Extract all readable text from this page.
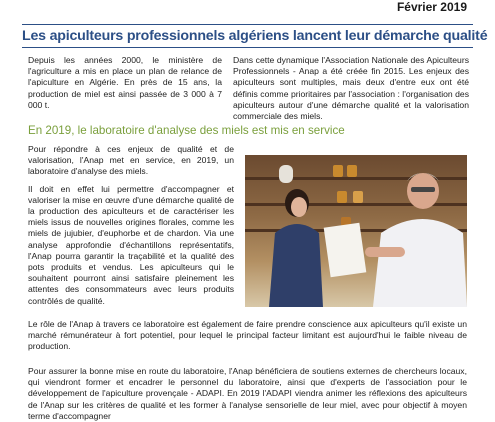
Février 2019
Les apiculteurs professionnels algériens lancent leur démarche qualité

Depuis les années 2000, le ministère de l'agriculture a mis en place un plan de relance de l'apiculture en Algérie. En près de 15 ans, la production de miel est ainsi passée de 3 000 à 7 000 t.

Dans cette dynamique l'Association Nationale des Apiculteurs Professionnels - Anap a été créée fin 2015. Les enjeux des apiculteurs sont multiples, mais deux d'entre eux ont été définis comme prioritaires par l'association : l'organisation des apiculteurs autour d'une démarche qualité et la valorisation commerciale des miels.

En 2019, le laboratoire d'analyse des miels est mis en service

Pour répondre à ces enjeux de qualité et de valorisation, l'Anap met en service, en 2019, un laboratoire d'analyse des miels.

Il doit en effet lui permettre d'accompagner et valoriser la mise en œuvre d'une démarche qualité de la production des apiculteurs et de caractériser les miels issus de nouvelles origines florales, comme les miels de jujubier, d'euphorbe et de chardon. Via une analyse approfondie d'échantillons représentatifs, l'Anap pourra garantir la traçabilité et la qualité des pots produits et vendus. Les apiculteurs qui le souhaitent pourront ainsi satisfaire pleinement les attentes des consommateurs avec leurs produits contrôlés de qualité.

Le rôle de l'Anap à travers ce laboratoire est également de faire prendre conscience aux apiculteurs qu'il existe un marché rémunérateur à fort potentiel, pour lequel le principal facteur limitant est aujourd'hui le faible niveau de production.

Pour assurer la bonne mise en route du laboratoire, l'Anap bénéficiera de soutiens externes de chercheurs locaux, qui viendront former et encadrer le personnel du laboratoire, ainsi que d'experts de l'association pour le développement de l'apiculture provençale - ADAPI. En 2019 l'ADAPI viendra animer les réflexions des apiculteurs de l'Anap sur les critères de qualité et les former à l'analyse sensorielle de leur miel, avec pour objectif à moyen terme d'accompagner
